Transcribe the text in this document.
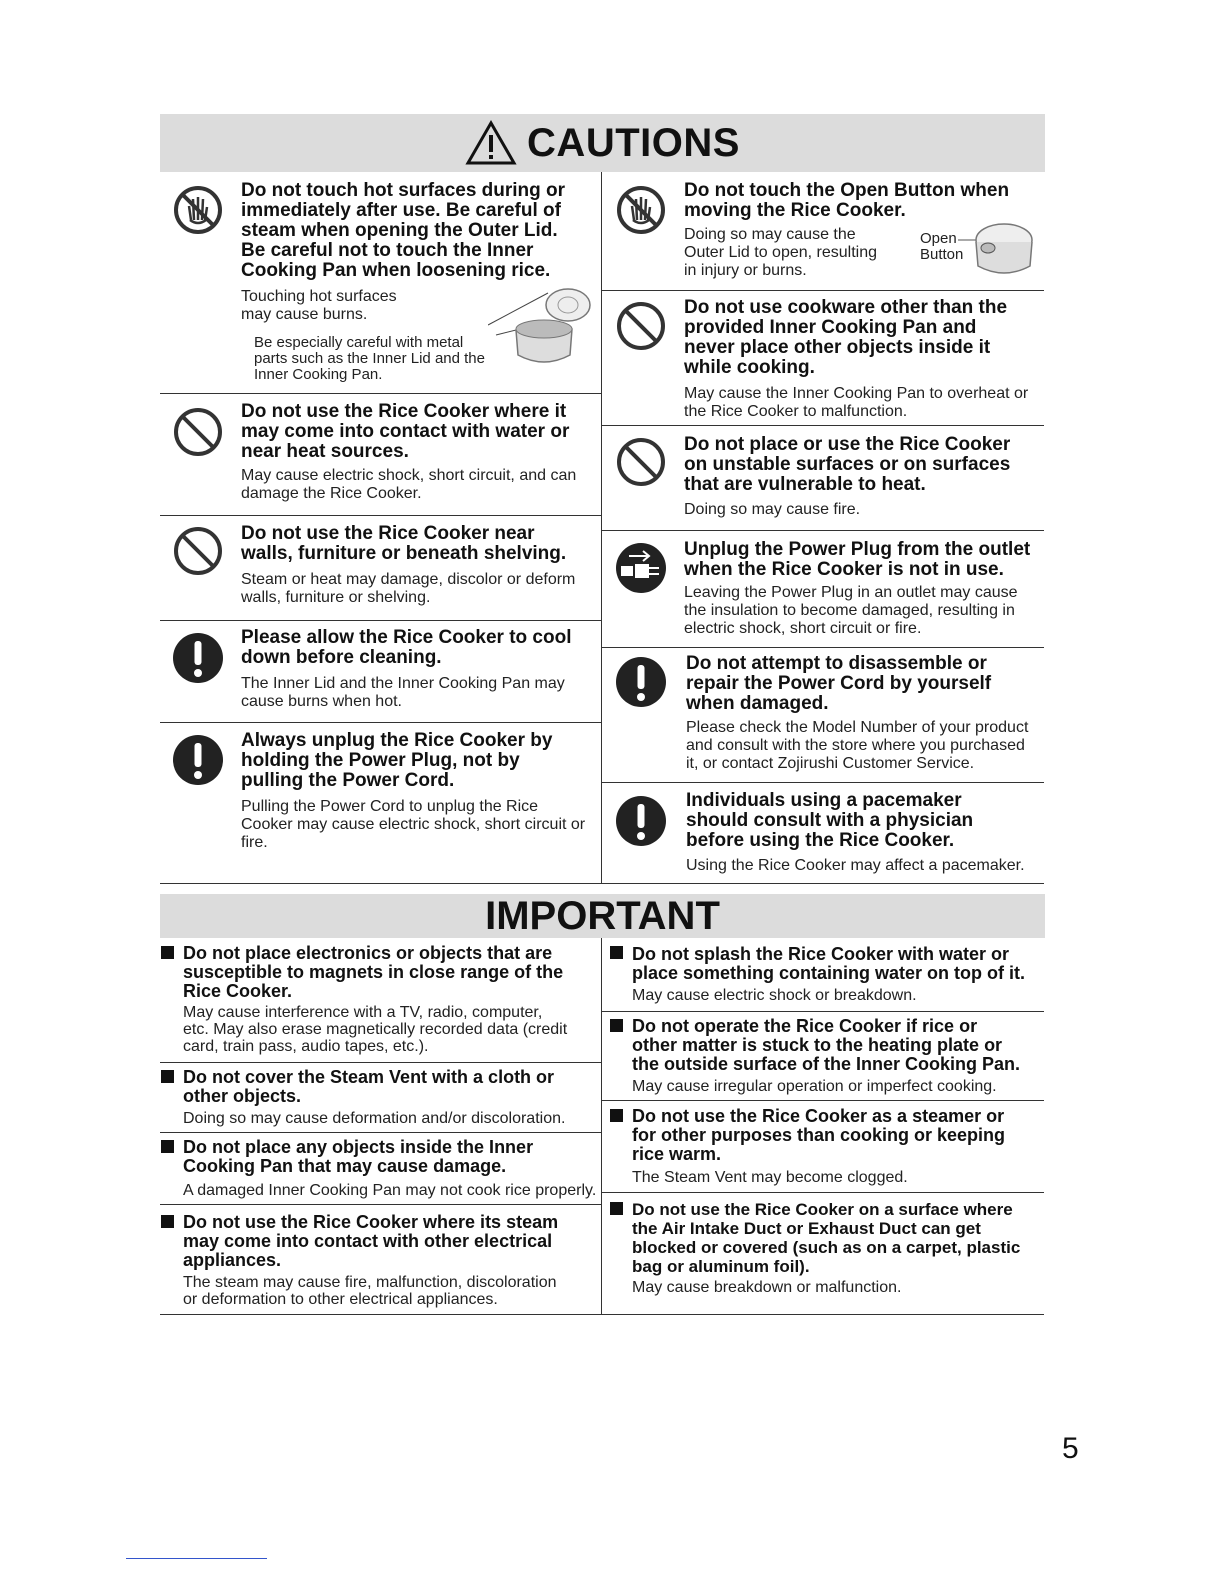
CAUTIONS
Do not touch hot surfaces during or
immediately after use. Be careful of
steam when opening the Outer Lid.
Be careful not to touch the Inner
Cooking Pan when loosening rice.
Touching hot surfaces
may cause burns.
Be especially careful with metal
parts such as the Inner Lid and the
Inner Cooking Pan.
Do not use the Rice Cooker where it
may come into contact with water or
near heat sources.
May cause electric shock, short circuit, and can
damage the Rice Cooker.
Do not use the Rice Cooker near
walls, furniture or beneath shelving.
Steam or heat may damage, discolor or deform
walls, furniture or shelving.
Please allow the Rice Cooker to cool
down before cleaning.
The Inner Lid and the Inner Cooking Pan may
cause burns when hot.
Always unplug the Rice Cooker by
holding the Power Plug, not by
pulling the Power Cord.
Pulling the Power Cord to unplug the Rice
Cooker may cause electric shock, short circuit or
fire.
Do not touch the Open Button when
moving the Rice Cooker.
Doing so may cause the
Outer Lid to open, resulting
in injury or burns.
Open
Button
Do not use cookware other than the
provided Inner Cooking Pan and
never place other objects inside it
while cooking.
May cause the Inner Cooking Pan to overheat or
the Rice Cooker to malfunction.
Do not place or use the Rice Cooker
on unstable surfaces or on surfaces
that are vulnerable to heat.
Doing so may cause fire.
Unplug the Power Plug from the outlet
when the Rice Cooker is not in use.
Leaving the Power Plug in an outlet may cause
the insulation to become damaged, resulting in
electric shock, short circuit or fire.
Do not attempt to disassemble or
repair the Power Cord by yourself
when damaged.
Please check the Model Number of your product
and consult with the store where you purchased
it, or contact Zojirushi Customer Service.
Individuals using a pacemaker
should consult with a physician
before using the Rice Cooker.
Using the Rice Cooker may affect a pacemaker.
IMPORTANT
Do not place electronics or objects that are
susceptible to magnets in close range of the
Rice Cooker.
May cause interference with a TV, radio, computer,
etc. May also erase magnetically recorded data (credit
card, train pass, audio tapes, etc.).
Do not cover the Steam Vent with a cloth or
other objects.
Doing so may cause deformation and/or discoloration.
Do not place any objects inside the Inner
Cooking Pan that may cause damage.
A damaged Inner Cooking Pan may not cook rice properly.
Do not use the Rice Cooker where its steam
may come into contact with other electrical
appliances.
The steam may cause fire, malfunction, discoloration
or deformation to other electrical appliances.
Do not splash the Rice Cooker with water or
place something containing water on top of it.
May cause electric shock or breakdown.
Do not operate the Rice Cooker if rice or
other matter is stuck to the heating plate or
the outside surface of the Inner Cooking Pan.
May cause irregular operation or imperfect cooking.
Do not use the Rice Cooker as a steamer or
for other purposes than cooking or keeping
rice warm.
The Steam Vent may become clogged.
Do not use the Rice Cooker on a surface where
the Air Intake Duct or Exhaust Duct can get
blocked or covered (such as on a carpet, plastic
bag or aluminum foil).
May cause breakdown or malfunction.
5
